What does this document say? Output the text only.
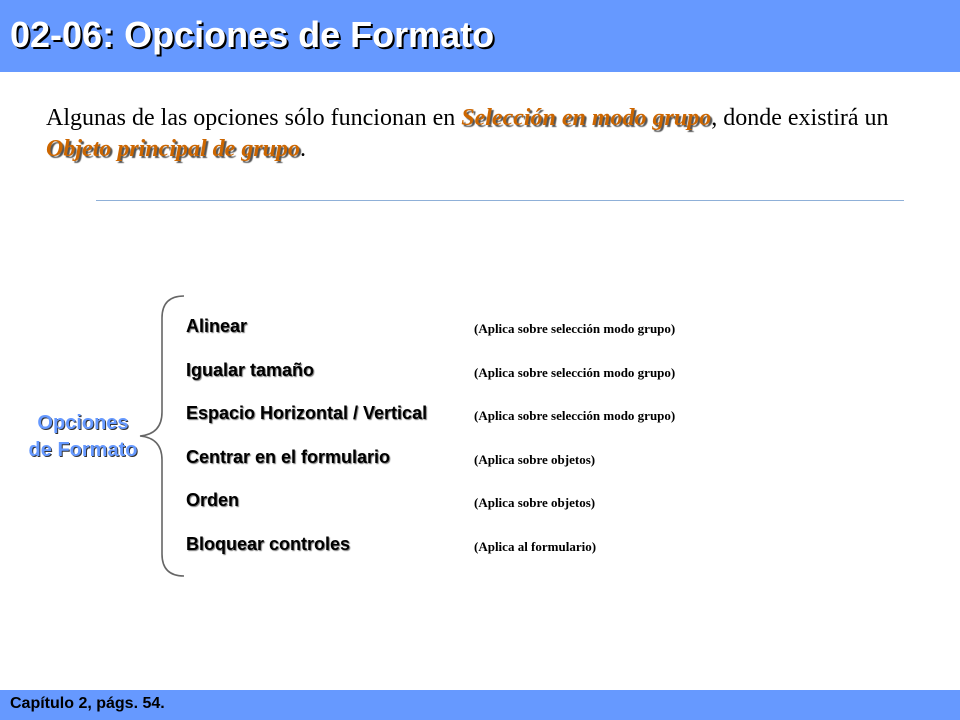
02-06: Opciones de Formato
Algunas de las opciones sólo funcionan en Selección en modo grupo, donde existirá un Objeto principal de grupo.
Opciones
de Formato
Alinear	(Aplica sobre selección modo grupo)
Igualar tamaño	(Aplica sobre selección modo grupo)
Espacio Horizontal / Vertical	(Aplica sobre selección modo grupo)
Centrar en el formulario	(Aplica sobre objetos)
Orden	(Aplica sobre objetos)
Bloquear controles	(Aplica al formulario)
Capítulo 2, págs. 54.
